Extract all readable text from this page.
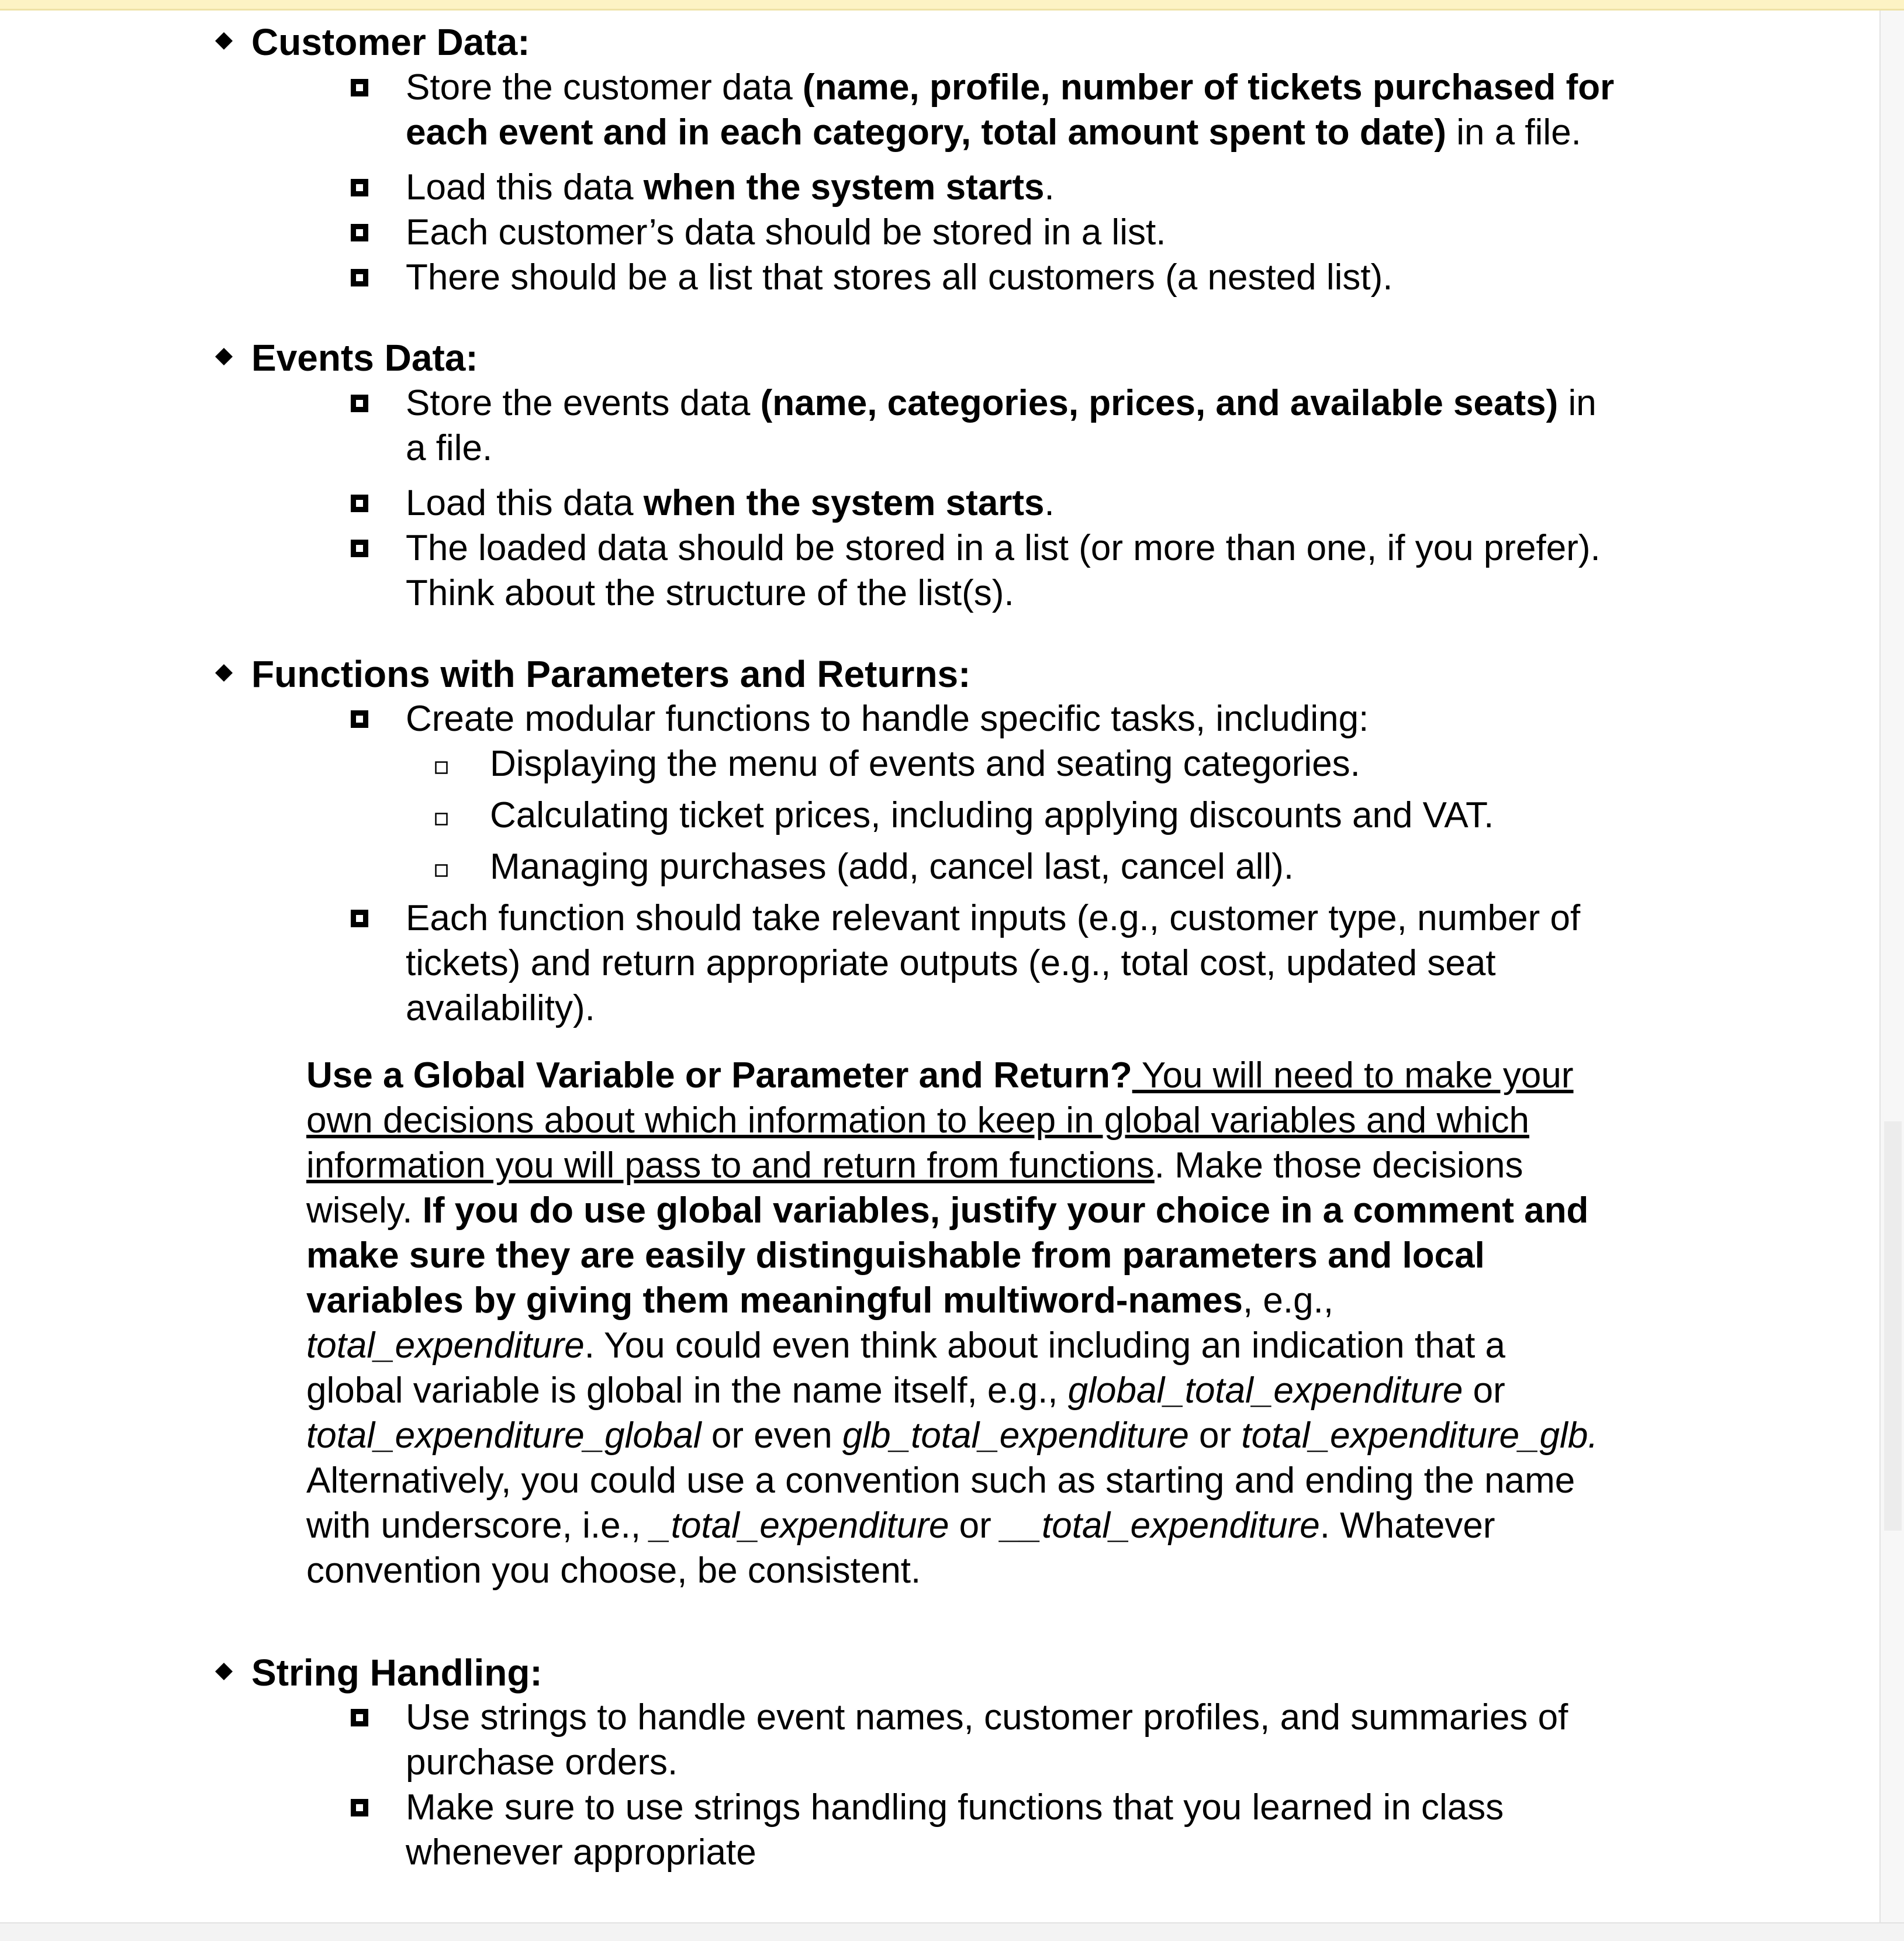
Customer Data:
Store the customer data (name, profile, number of tickets purchased for
each event and in each category, total amount spent to date) in a file.
Load this data when the system starts.
Each customer’s data should be stored in a list.
There should be a list that stores all customers (a nested list).
Events Data:
Store the events data (name, categories, prices, and available seats) in
a file.
Load this data when the system starts.
The loaded data should be stored in a list (or more than one, if you prefer).
Think about the structure of the list(s).
Functions with Parameters and Returns:
Create modular functions to handle specific tasks, including:
Displaying the menu of events and seating categories.
Calculating ticket prices, including applying discounts and VAT.
Managing purchases (add, cancel last, cancel all).
Each function should take relevant inputs (e.g., customer type, number of
tickets) and return appropriate outputs (e.g., total cost, updated seat
availability).
Use a Global Variable or Parameter and Return? You will need to make your
own decisions about which information to keep in global variables and which
information you will pass to and return from functions. Make those decisions
wisely. If you do use global variables, justify your choice in a comment and
make sure they are easily distinguishable from parameters and local
variables by giving them meaningful multiword-names, e.g.,
total_expenditure. You could even think about including an indication that a
global variable is global in the name itself, e.g., global_total_expenditure or
total_expenditure_global or even glb_total_expenditure or total_expenditure_glb.
Alternatively, you could use a convention such as starting and ending the name
with underscore, i.e., _total_expenditure or __total_expenditure. Whatever
convention you choose, be consistent.
String Handling:
Use strings to handle event names, customer profiles, and summaries of
purchase orders.
Make sure to use strings handling functions that you learned in class
whenever appropriate
